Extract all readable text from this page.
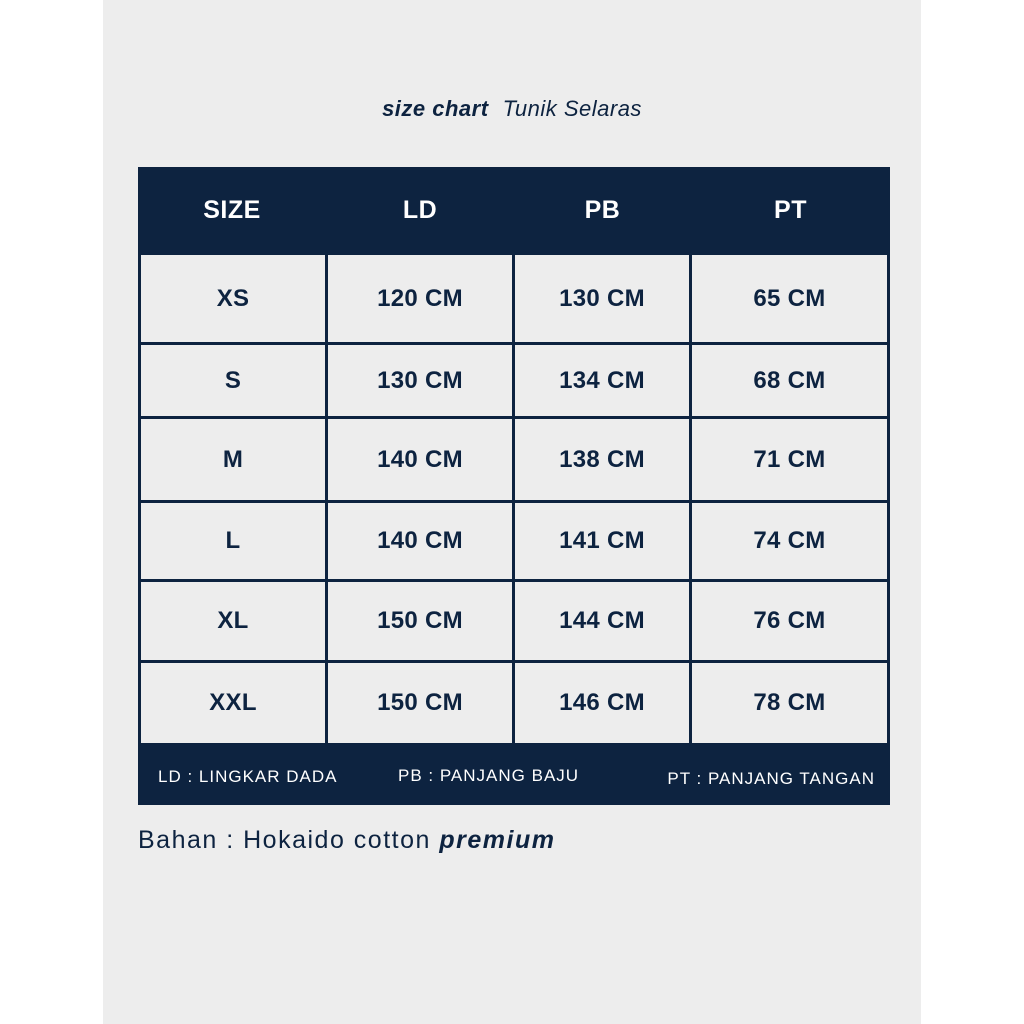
size chart Tunik Selaras
SIZE	LD	PB	PT
XS	120 CM	130 CM	65 CM
S	130 CM	134 CM	68 CM
M	140 CM	138 CM	71 CM
L	140 CM	141 CM	74 CM
XL	150 CM	144 CM	76 CM
XXL	150 CM	146 CM	78 CM
LD : LINGKAR DADA	PB : PANJANG BAJU	PT : PANJANG TANGAN
Bahan : Hokaido cotton premium
